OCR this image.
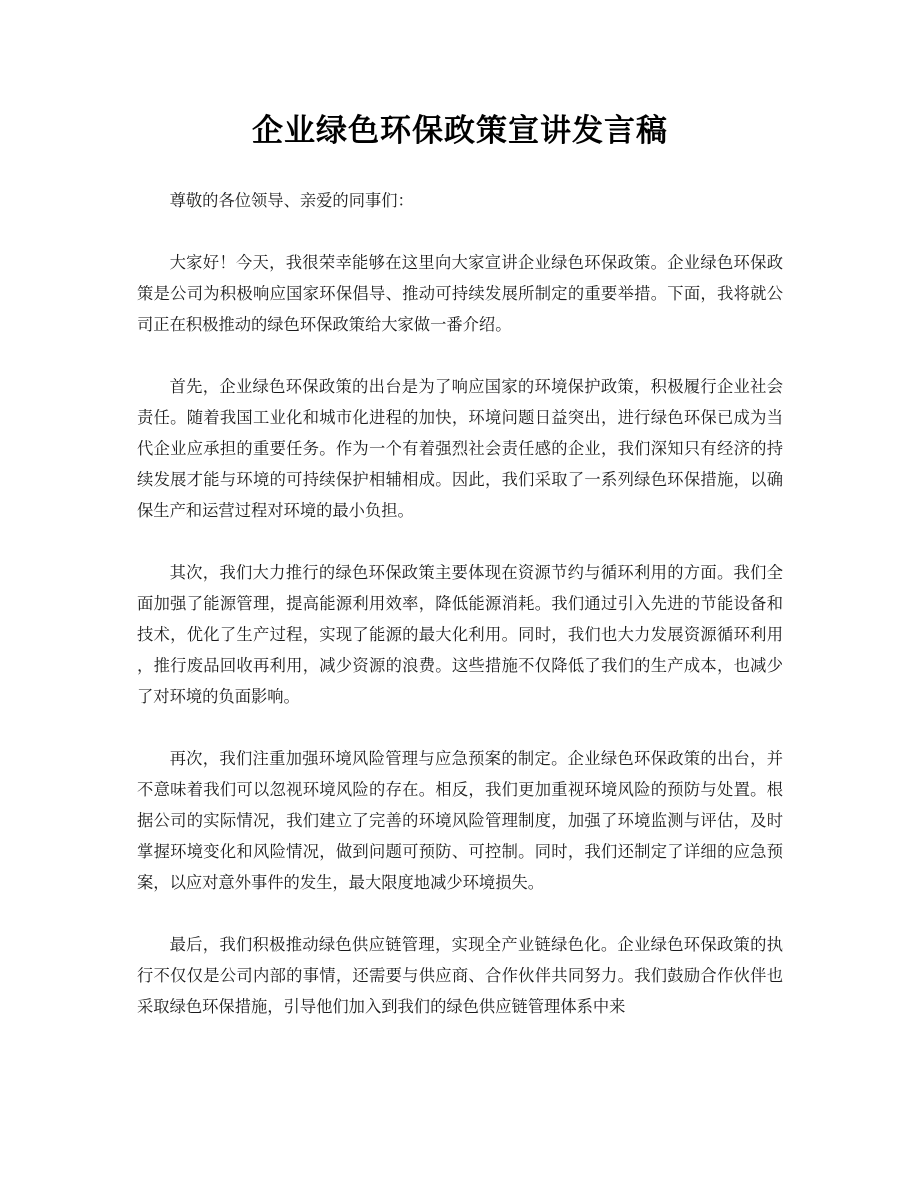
企业绿色环保政策宣讲发言稿

尊敬的各位领导、亲爱的同事们：

大家好！今天，我很荣幸能够在这里向大家宣讲企业绿色环保政策。企业绿色环保政策是公司为积极响应国家环保倡导、推动可持续发展所制定的重要举措。下面，我将就公司正在积极推动的绿色环保政策给大家做一番介绍。

首先，企业绿色环保政策的出台是为了响应国家的环境保护政策，积极履行企业社会责任。随着我国工业化和城市化进程的加快，环境问题日益突出，进行绿色环保已成为当代企业应承担的重要任务。作为一个有着强烈社会责任感的企业，我们深知只有经济的持续发展才能与环境的可持续保护相辅相成。因此，我们采取了一系列绿色环保措施，以确保生产和运营过程对环境的最小负担。

其次，我们大力推行的绿色环保政策主要体现在资源节约与循环利用的方面。我们全面加强了能源管理，提高能源利用效率，降低能源消耗。我们通过引入先进的节能设备和技术，优化了生产过程，实现了能源的最大化利用。同时，我们也大力发展资源循环利用，推行废品回收再利用，减少资源的浪费。这些措施不仅降低了我们的生产成本，也减少了对环境的负面影响。

再次，我们注重加强环境风险管理与应急预案的制定。企业绿色环保政策的出台，并不意味着我们可以忽视环境风险的存在。相反，我们更加重视环境风险的预防与处置。根据公司的实际情况，我们建立了完善的环境风险管理制度，加强了环境监测与评估，及时掌握环境变化和风险情况，做到问题可预防、可控制。同时，我们还制定了详细的应急预案，以应对意外事件的发生，最大限度地减少环境损失。

最后，我们积极推动绿色供应链管理，实现全产业链绿色化。企业绿色环保政策的执行不仅仅是公司内部的事情，还需要与供应商、合作伙伴共同努力。我们鼓励合作伙伴也采取绿色环保措施，引导他们加入到我们的绿色供应链管理体系中来
